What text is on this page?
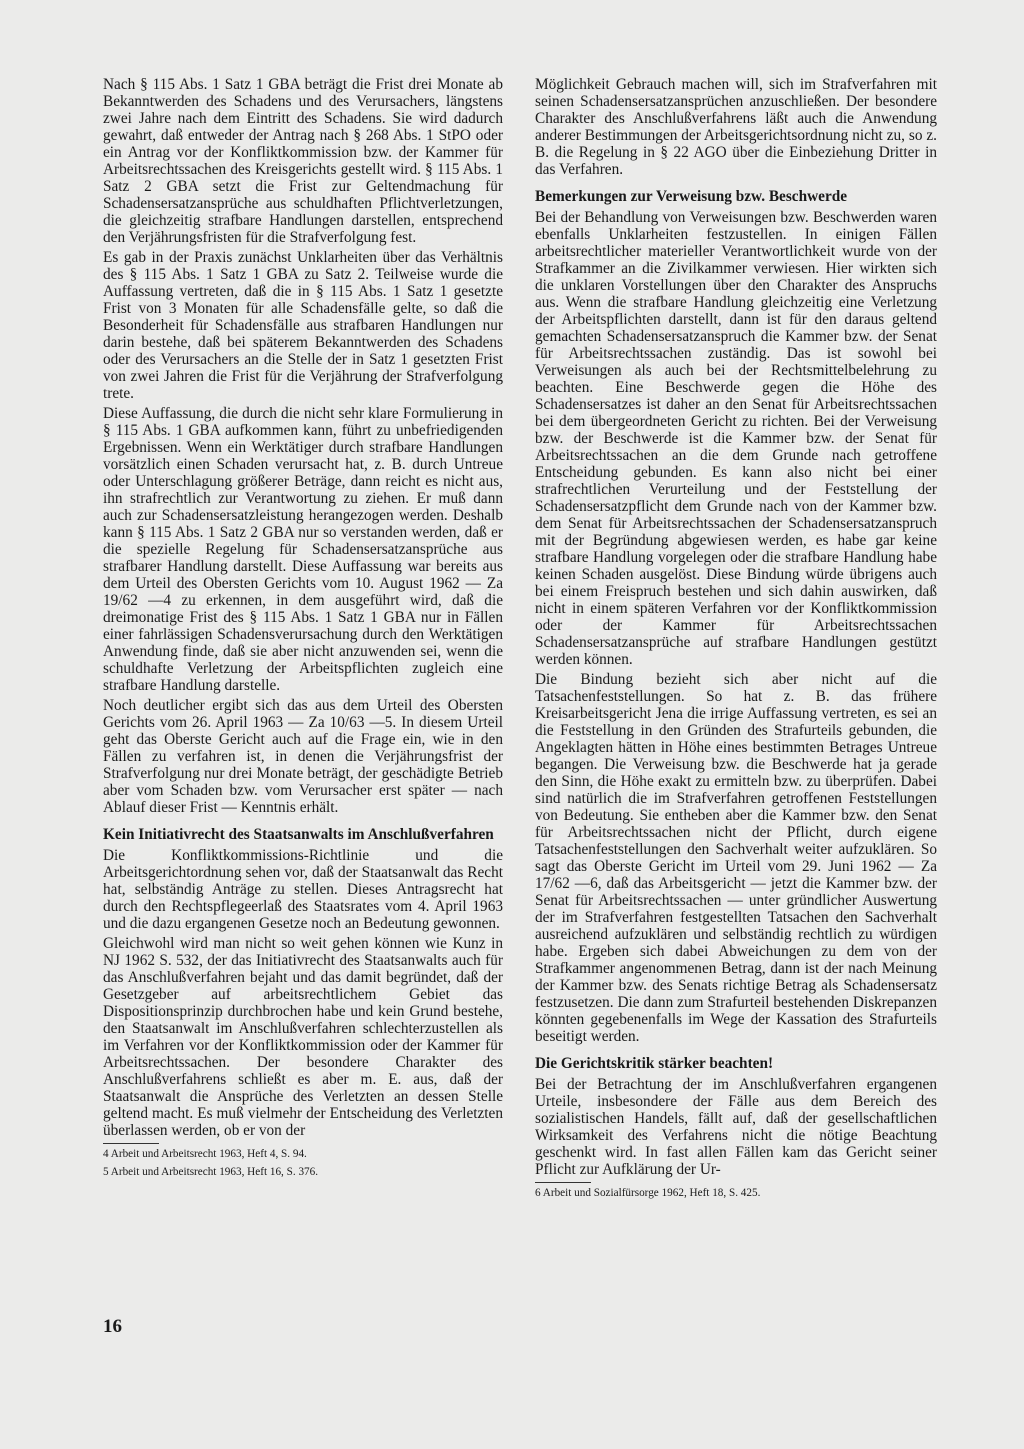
Nach § 115 Abs. 1 Satz 1 GBA beträgt die Frist drei Monate ab Bekanntwerden des Schadens und des Verursachers, längstens zwei Jahre nach dem Eintritt des Schadens. Sie wird dadurch gewahrt, daß entweder der Antrag nach § 268 Abs. 1 StPO oder ein Antrag vor der Konfliktkommission bzw. der Kammer für Arbeitsrechtssachen des Kreisgerichts gestellt wird. § 115 Abs. 1 Satz 2 GBA setzt die Frist zur Geltendmachung für Schadensersatzansprüche aus schuldhaften Pflichtverletzungen, die gleichzeitig strafbare Handlungen darstellen, entsprechend den Verjährungsfristen für die Strafverfolgung fest.

Es gab in der Praxis zunächst Unklarheiten über das Verhältnis des § 115 Abs. 1 Satz 1 GBA zu Satz 2. Teilweise wurde die Auffassung vertreten, daß die in § 115 Abs. 1 Satz 1 gesetzte Frist von 3 Monaten für alle Schadensfälle gelte, so daß die Besonderheit für Schadensfälle aus strafbaren Handlungen nur darin bestehe, daß bei späterem Bekanntwerden des Schadens oder des Verursachers an die Stelle der in Satz 1 gesetzten Frist von zwei Jahren die Frist für die Verjährung der Strafverfolgung trete.

Diese Auffassung, die durch die nicht sehr klare Formulierung in § 115 Abs. 1 GBA aufkommen kann, führt zu unbefriedigenden Ergebnissen. Wenn ein Werktätiger durch strafbare Handlungen vorsätzlich einen Schaden verursacht hat, z. B. durch Untreue oder Unterschlagung größerer Beträge, dann reicht es nicht aus, ihn strafrechtlich zur Verantwortung zu ziehen. Er muß dann auch zur Schadensersatzleistung herangezogen werden. Deshalb kann § 115 Abs. 1 Satz 2 GBA nur so verstanden werden, daß er die spezielle Regelung für Schadensersatzansprüche aus strafbarer Handlung darstellt. Diese Auffassung war bereits aus dem Urteil des Obersten Gerichts vom 10. August 1962 — Za 19/62 —4 zu erkennen, in dem ausgeführt wird, daß die dreimonatige Frist des § 115 Abs. 1 Satz 1 GBA nur in Fällen einer fahrlässigen Schadensverursachung durch den Werktätigen Anwendung finde, daß sie aber nicht anzuwenden sei, wenn die schuldhafte Verletzung der Arbeitspflichten zugleich eine strafbare Handlung darstelle.

Noch deutlicher ergibt sich das aus dem Urteil des Obersten Gerichts vom 26. April 1963 — Za 10/63 —5. In diesem Urteil geht das Oberste Gericht auch auf die Frage ein, wie in den Fällen zu verfahren ist, in denen die Verjährungsfrist der Strafverfolgung nur drei Monate beträgt, der geschädigte Betrieb aber vom Schaden bzw. vom Verursacher erst später — nach Ablauf dieser Frist — Kenntnis erhält.

Kein Initiativrecht des Staatsanwalts im Anschlußverfahren

Die Konfliktkommissions-Richtlinie und die Arbeitsgerichtordnung sehen vor, daß der Staatsanwalt das Recht hat, selbständig Anträge zu stellen. Dieses Antragsrecht hat durch den Rechtspflegeerlaß des Staatsrates vom 4. April 1963 und die dazu ergangenen Gesetze noch an Bedeutung gewonnen.

Gleichwohl wird man nicht so weit gehen können wie Kunz in NJ 1962 S. 532, der das Initiativrecht des Staatsanwalts auch für das Anschlußverfahren bejaht und das damit begründet, daß der Gesetzgeber auf arbeitsrechtlichem Gebiet das Dispositionsprinzip durchbrochen habe und kein Grund bestehe, den Staatsanwalt im Anschlußverfahren schlechterzustellen als im Verfahren vor der Konfliktkommission oder der Kammer für Arbeitsrechtssachen. Der besondere Charakter des Anschlußverfahrens schließt es aber m. E. aus, daß der Staatsanwalt die Ansprüche des Verletzten an dessen Stelle geltend macht. Es muß vielmehr der Entscheidung des Verletzten überlassen werden, ob er von der

4 Arbeit und Arbeitsrecht 1963, Heft 4, S. 94.

5 Arbeit und Arbeitsrecht 1963, Heft 16, S. 376.

Möglichkeit Gebrauch machen will, sich im Strafverfahren mit seinen Schadensersatzansprüchen anzuschließen. Der besondere Charakter des Anschlußverfahrens läßt auch die Anwendung anderer Bestimmungen der Arbeitsgerichtsordnung nicht zu, so z. B. die Regelung in § 22 AGO über die Einbeziehung Dritter in das Verfahren.

Bemerkungen zur Verweisung bzw. Beschwerde

Bei der Behandlung von Verweisungen bzw. Beschwerden waren ebenfalls Unklarheiten festzustellen. In einigen Fällen arbeitsrechtlicher materieller Verantwortlichkeit wurde von der Strafkammer an die Zivilkammer verwiesen. Hier wirkten sich die unklaren Vorstellungen über den Charakter des Anspruchs aus. Wenn die strafbare Handlung gleichzeitig eine Verletzung der Arbeitspflichten darstellt, dann ist für den daraus geltend gemachten Schadensersatzanspruch die Kammer bzw. der Senat für Arbeitsrechtssachen zuständig. Das ist sowohl bei Verweisungen als auch bei der Rechtsmittelbelehrung zu beachten. Eine Beschwerde gegen die Höhe des Schadensersatzes ist daher an den Senat für Arbeitsrechtssachen bei dem übergeordneten Gericht zu richten. Bei der Verweisung bzw. der Beschwerde ist die Kammer bzw. der Senat für Arbeitsrechtssachen an die dem Grunde nach getroffene Entscheidung gebunden. Es kann also nicht bei einer strafrechtlichen Verurteilung und der Feststellung der Schadensersatzpflicht dem Grunde nach von der Kammer bzw. dem Senat für Arbeitsrechtssachen der Schadensersatzanspruch mit der Begründung abgewiesen werden, es habe gar keine strafbare Handlung vorgelegen oder die strafbare Handlung habe keinen Schaden ausgelöst. Diese Bindung würde übrigens auch bei einem Freispruch bestehen und sich dahin auswirken, daß nicht in einem späteren Verfahren vor der Konfliktkommission oder der Kammer für Arbeitsrechtssachen Schadensersatzansprüche auf strafbare Handlungen gestützt werden können.

Die Bindung bezieht sich aber nicht auf die Tatsachenfeststellungen. So hat z. B. das frühere Kreisarbeitsgericht Jena die irrige Auffassung vertreten, es sei an die Feststellung in den Gründen des Strafurteils gebunden, die Angeklagten hätten in Höhe eines bestimmten Betrages Untreue begangen. Die Verweisung bzw. die Beschwerde hat ja gerade den Sinn, die Höhe exakt zu ermitteln bzw. zu überprüfen. Dabei sind natürlich die im Strafverfahren getroffenen Feststellungen von Bedeutung. Sie entheben aber die Kammer bzw. den Senat für Arbeitsrechtssachen nicht der Pflicht, durch eigene Tatsachenfeststellungen den Sachverhalt weiter aufzuklären. So sagt das Oberste Gericht im Urteil vom 29. Juni 1962 — Za 17/62 —6, daß das Arbeitsgericht — jetzt die Kammer bzw. der Senat für Arbeitsrechtssachen — unter gründlicher Auswertung der im Strafverfahren festgestellten Tatsachen den Sachverhalt ausreichend aufzuklären und selbständig rechtlich zu würdigen habe. Ergeben sich dabei Abweichungen zu dem von der Strafkammer angenommenen Betrag, dann ist der nach Meinung der Kammer bzw. des Senats richtige Betrag als Schadensersatz festzusetzen. Die dann zum Strafurteil bestehenden Diskrepanzen könnten gegebenenfalls im Wege der Kassation des Strafurteils beseitigt werden.

Die Gerichtskritik stärker beachten!

Bei der Betrachtung der im Anschlußverfahren ergangenen Urteile, insbesondere der Fälle aus dem Bereich des sozialistischen Handels, fällt auf, daß der gesellschaftlichen Wirksamkeit des Verfahrens nicht die nötige Beachtung geschenkt wird. In fast allen Fällen kam das Gericht seiner Pflicht zur Aufklärung der Ur-

6 Arbeit und Sozialfürsorge 1962, Heft 18, S. 425.

16
